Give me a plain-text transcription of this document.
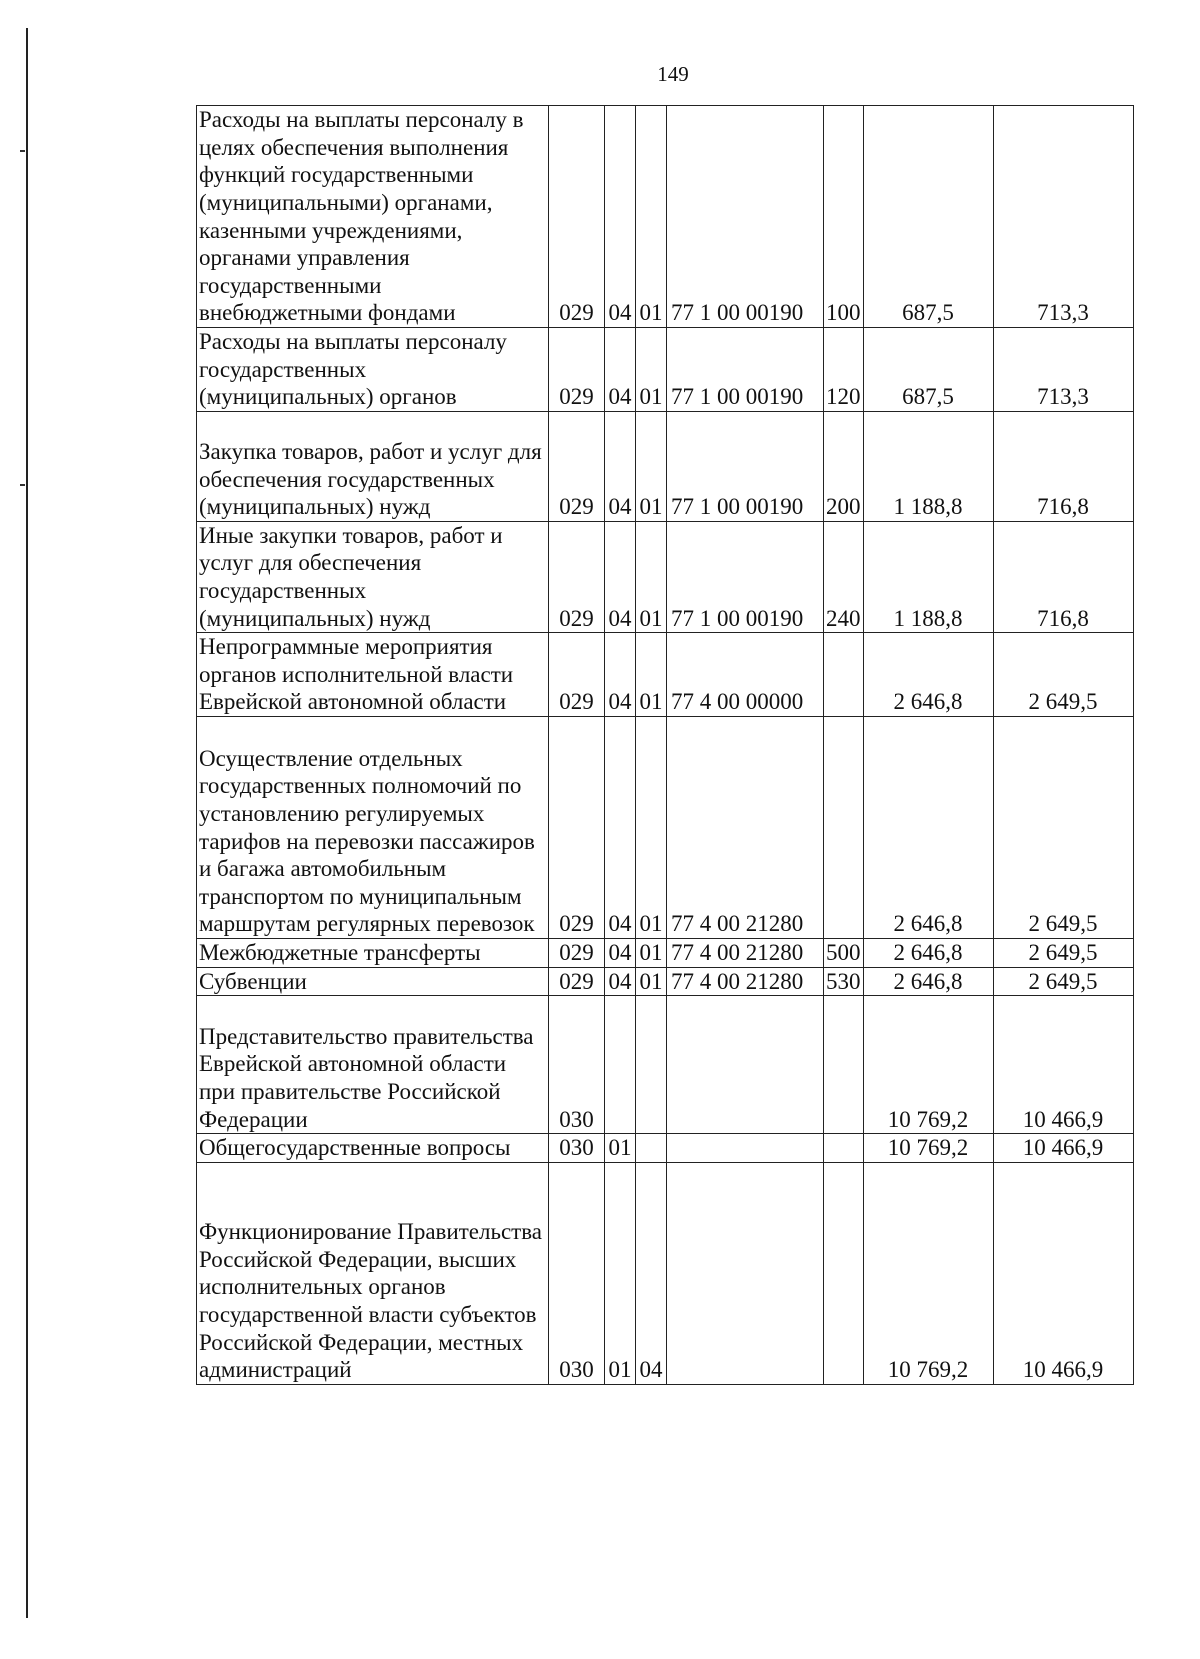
149
Расходы на выплаты персоналу в целях обеспечения выполнения функций государственными (муниципальными) органами, казенными учреждениями, органами управления государственными внебюджетными фондами	029	04	01	77 1 00 00190	100	687,5	713,3
Расходы на выплаты персоналу государственных (муниципальных) органов	029	04	01	77 1 00 00190	120	687,5	713,3
Закупка товаров, работ и услуг для обеспечения государственных (муниципальных) нужд	029	04	01	77 1 00 00190	200	1 188,8	716,8
Иные закупки товаров, работ и услуг для обеспечения государственных (муниципальных) нужд	029	04	01	77 1 00 00190	240	1 188,8	716,8
Непрограммные мероприятия органов исполнительной власти Еврейской автономной области	029	04	01	77 4 00 00000		2 646,8	2 649,5
Осуществление отдельных государственных полномочий по установлению регулируемых тарифов на перевозки пассажиров и багажа автомобильным транспортом по муниципальным маршрутам регулярных перевозок	029	04	01	77 4 00 21280		2 646,8	2 649,5
Межбюджетные трансферты	029	04	01	77 4 00 21280	500	2 646,8	2 649,5
Субвенции	029	04	01	77 4 00 21280	530	2 646,8	2 649,5
Представительство правительства Еврейской автономной области при правительстве Российской Федерации	030					10 769,2	10 466,9
Общегосударственные вопросы	030	01				10 769,2	10 466,9
Функционирование Правительства Российской Федерации, высших исполнительных органов государственной власти субъектов Российской Федерации, местных администраций	030	01	04			10 769,2	10 466,9
